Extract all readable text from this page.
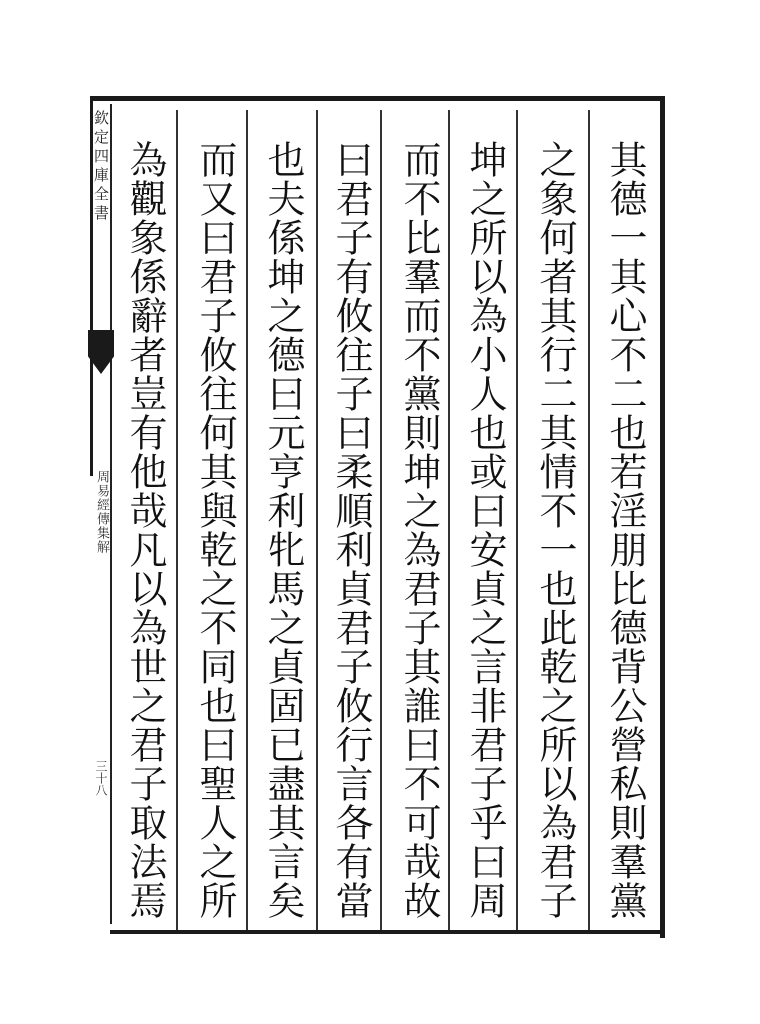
欽定四庫全書
周易經傳集解
三十八	其德一其心不二也若淫朋比德背公營私則羣黨
之象何者其行二其情不一也此乾之所以為君子
坤之所以為小人也或曰安貞之言非君子乎曰周
而不比羣而不黨則坤之為君子其誰曰不可哉故
曰君子有攸往子曰柔順利貞君子攸行言各有當
也夫係坤之德曰元亨利牝馬之貞固已盡其言矣
而又曰君子攸往何其與乾之不同也曰聖人之所
為觀象係辭者豈有他哉凡以為世之君子取法焉
